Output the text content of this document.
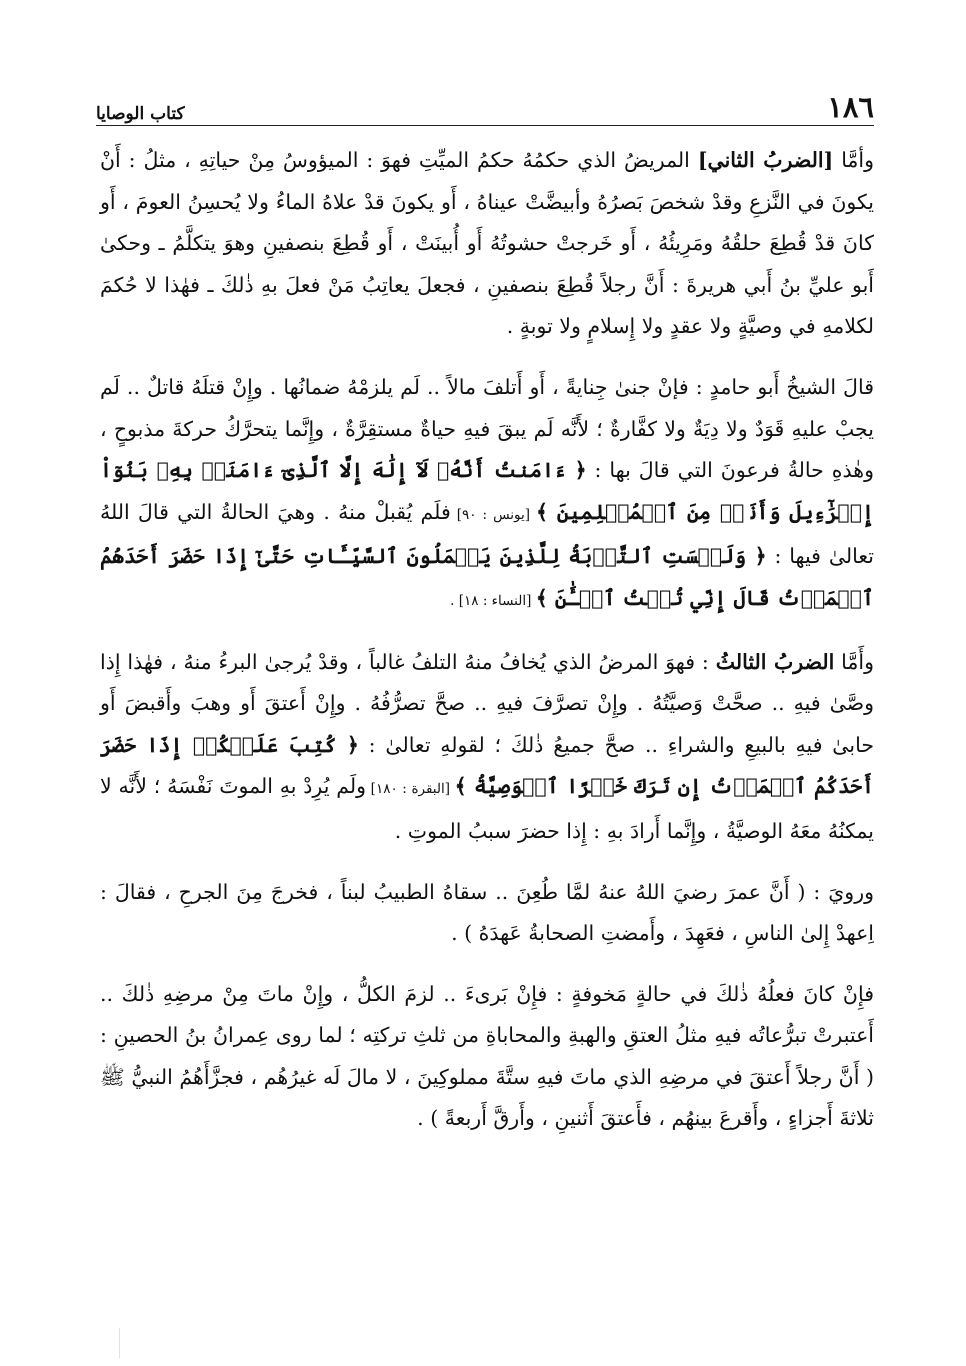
١٨٦
كتاب الوصايا

وأمَّا [الضربُ الثاني] المريضُ الذي حكمُهُ حكمُ الميِّتِ فهوَ : الميؤوسُ مِنْ حياتِهِ ، مثلُ : أَنْ يكونَ في النَّزعِ وقدْ شخصَ بَصرُهُ وأبيضَّتْ عيناهُ ، أَو يكونَ قدْ علاهُ الماءُ ولا يُحسِنُ العومَ ، أَو كانَ قدْ قُطِعَ حلقُهُ ومَرِيئُهُ ، أَو خَرجتْ حشوتُهُ أَو أُبينَتْ ، أَو قُطِعَ بنصفينِ وهوَ يتكلَّمُ ـ وحكىٰ أَبو عليِّ بنُ أَبي هريرةَ : أَنَّ رجلاً قُطِعَ بنصفينِ ، فجعلَ يعاتِبُ مَنْ فعلَ بهِ ذٰلكَ ـ فهٰذا لا حُكمَ لكلامهِ في وصيَّةٍ ولا عقدٍ ولا إِسلامٍ ولا توبةٍ .

قالَ الشيخُ أَبو حامدٍ : فإنْ جنىٰ جِنايةً ، أَو أَتلفَ مالاً .. لَم يلزمْهُ ضمانُها . وإِنْ قتلَهُ قاتلٌ .. لَم يجبْ عليهِ قَوَدٌ ولا دِيَةٌ ولا كفَّارةٌ ؛ لأَنَّه لَم يبقَ فيهِ حياةٌ مستقِرَّةٌ ، وإِنَّما يتحرَّكُ حركةَ مذبوحٍ ، وهٰذهِ حالةُ فرعونَ التي قالَ بها : ﴿ ءَامَنتُ أَنَّهُۥ لَآ إِلَٰهَ إِلَّا ٱلَّذِىٓ ءَامَنَتۡ بِهِۦ بَنُوٓاْ إِسۡرَٰٓءِيلَ وَأَنَا۠ مِنَ ٱلۡمُسۡلِمِينَ ﴾ [يونس : ٩٠] فلَم يُقبلْ منهُ . وهيَ الحالةُ التي قالَ اللهُ تعالىٰ فيها : ﴿ وَلَيۡسَتِ ٱلتَّوۡبَةُ لِلَّذِينَ يَعۡمَلُونَ ٱلسَّيِّـَٔاتِ حَتَّىٰٓ إِذَا حَضَرَ أَحَدَهُمُ ٱلۡمَوۡتُ قَالَ إِنِّي تُبۡتُ ٱلۡـَٰٔنَ ﴾ [النساء : ١٨] .

وأَمَّا الضربُ الثالثُ : فهوَ المرضُ الذي يُخافُ منهُ التلفُ غالباً ، وقدْ يُرجىٰ البرءُ منهُ ، فهٰذا إِذا وصَّىٰ فيهِ .. صحَّتْ وَصيَّتُهُ . وإِنْ تصرَّفَ فيهِ .. صحَّ تصرُّفُهُ . وإِنْ أَعتقَ أَو وهبَ وأَقبضَ أَو حابىٰ فيهِ بالبيعِ والشراءِ .. صحَّ جميعُ ذٰلكَ ؛ لقولهِ تعالىٰ : ﴿ كُتِبَ عَلَيۡكُمۡ إِذَا حَضَرَ أَحَدَكُمُ ٱلۡمَوۡتُ إِن تَرَكَ خَيۡرًا ٱلۡوَصِيَّةُ ﴾ [البقرة : ١٨٠] ولَم يُرِدْ بهِ الموتَ نَفْسَهُ ؛ لأَنَّه لا يمكنُهُ معَهُ الوصيَّةُ ، وإِنَّما أَرادَ بهِ : إِذا حضرَ سببُ الموتِ .

ورويَ : ( أَنَّ عمرَ رضيَ اللهُ عنهُ لمَّا طُعِنَ .. سقاهُ الطبيبُ لبناً ، فخرجَ مِنَ الجرحِ ، فقالَ : اِعهدْ إِلىٰ الناسِ ، فعَهِدَ ، وأَمضتِ الصحابةُ عَهدَهُ ) .

فإِنْ كانَ فعلُهُ ذٰلكَ في حالةٍ مَخوفةٍ : فإِنْ بَرىءَ .. لزمَ الكلُّ ، وإِنْ ماتَ مِنْ مرضِهِ ذٰلكَ .. أَعتبرتْ تبرُّعاتُه فيهِ مثلُ العتقِ والهبةِ والمحاباةِ من ثلثِ تركتِه ؛ لما روى عِمرانُ بنُ الحصينِ : ( أَنَّ رجلاً أَعتقَ في مرضِهِ الذي ماتَ فيهِ ستَّةَ مملوكِينَ ، لا مالَ لَه غيرُهُم ، فجزَّأَهُمُ النبيُّ ﷺ ثلاثةَ أَجزاءٍ ، وأَقرعَ بينهُم ، فأَعتقَ أَثنينِ ، وأَرقَّ أَربعةً ) .
